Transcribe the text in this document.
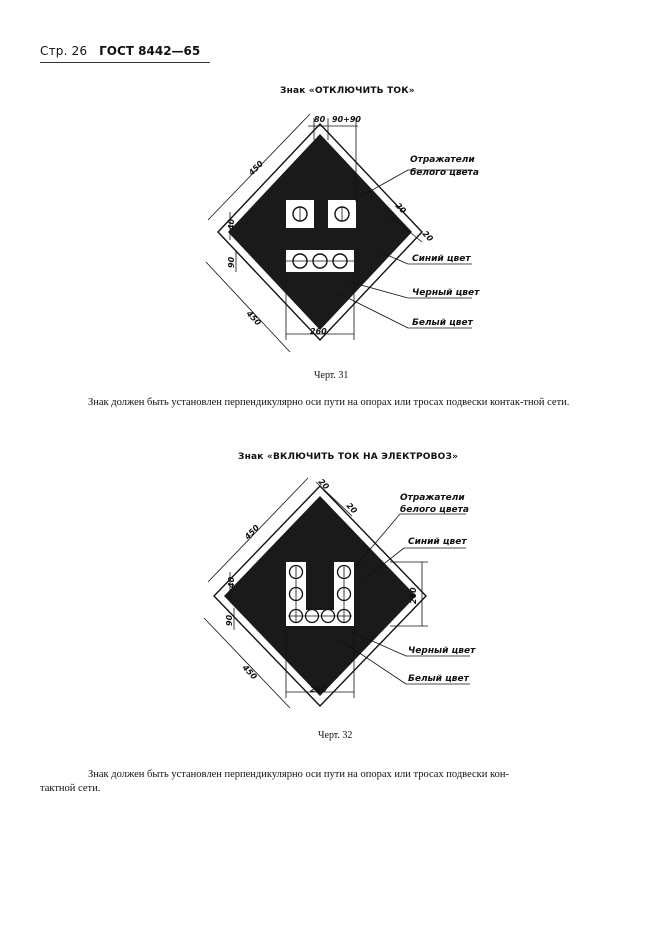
Стр. 26 ГОСТ 8442—65
Знак «ОТКЛЮЧИТЬ ТОК»
80 90+90
450
450
40
90
20
20
260
Отражатели
белого цвета
Синий цвет
Черный цвет
Белый цвет
Черт. 31
Знак должен быть установлен перпендикулярно оси пути на опорах или тросах подвески контак-тной сети.
Знак «ВКЛЮЧИТЬ ТОК НА ЭЛЕКТРОВОЗ»
20
20
450
450
40
90
260
260
Отражатели
белого цвета
Синий цвет
Черный цвет
Белый цвет
Черт. 32
Знак должен быть установлен перпендикулярно оси пути на опорах или тросах подвески кон-
тактной сети.
